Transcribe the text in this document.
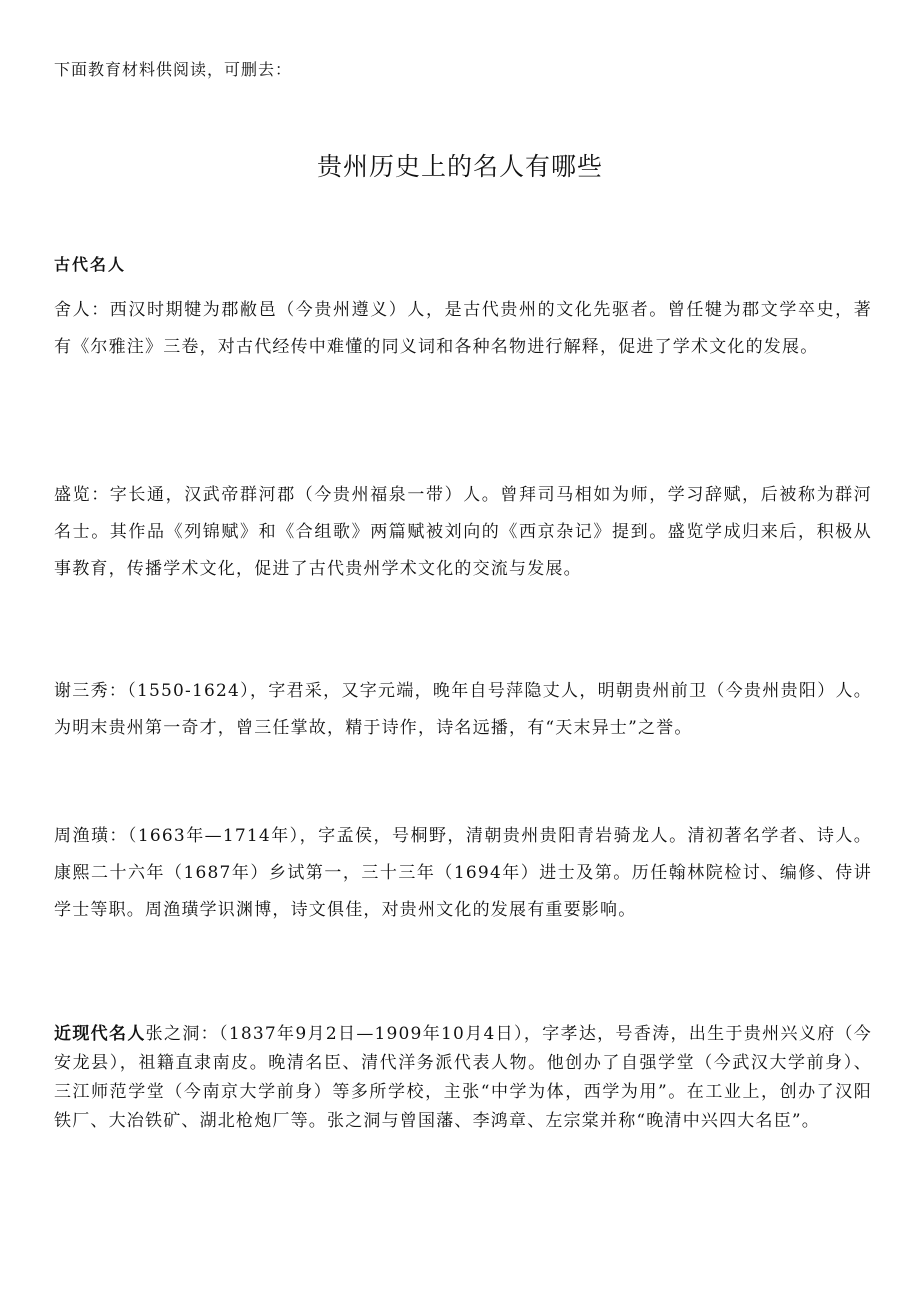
下面教育材料供阅读，可删去：
贵州历史上的名人有哪些
古代名人

舍人：西汉时期犍为郡敝邑（今贵州遵义）人，是古代贵州的文化先驱者。曾任犍为郡文学卒史，著有《尔雅注》三卷，对古代经传中难懂的同义词和各种名物进行解释，促进了学术文化的发展。

盛览：字长通，汉武帝群河郡（今贵州福泉一带）人。曾拜司马相如为师，学习辞赋，后被称为群河名士。其作品《列锦赋》和《合组歌》两篇赋被刘向的《西京杂记》提到。盛览学成归来后，积极从事教育，传播学术文化，促进了古代贵州学术文化的交流与发展。

谢三秀：（1550-1624），字君采，又字元端，晚年自号萍隐丈人，明朝贵州前卫（今贵州贵阳）人。为明末贵州第一奇才，曾三任掌故，精于诗作，诗名远播，有“天末异士”之誉。

周渔璜：（1663年—1714年），字孟侯，号桐野，清朝贵州贵阳青岩骑龙人。清初著名学者、诗人。康熙二十六年（1687年）乡试第一，三十三年（1694年）进士及第。历任翰林院检讨、编修、侍讲学士等职。周渔璜学识渊博，诗文俱佳，对贵州文化的发展有重要影响。

近现代名人张之洞：（1837年9月2日—1909年10月4日），字孝达，号香涛，出生于贵州兴义府（今安龙县），祖籍直隶南皮。晚清名臣、清代洋务派代表人物。他创办了自强学堂（今武汉大学前身）、三江师范学堂（今南京大学前身）等多所学校，主张“中学为体，西学为用”。在工业上，创办了汉阳铁厂、大冶铁矿、湖北枪炮厂等。张之洞与曾国藩、李鸿章、左宗棠并称“晚清中兴四大名臣”。
